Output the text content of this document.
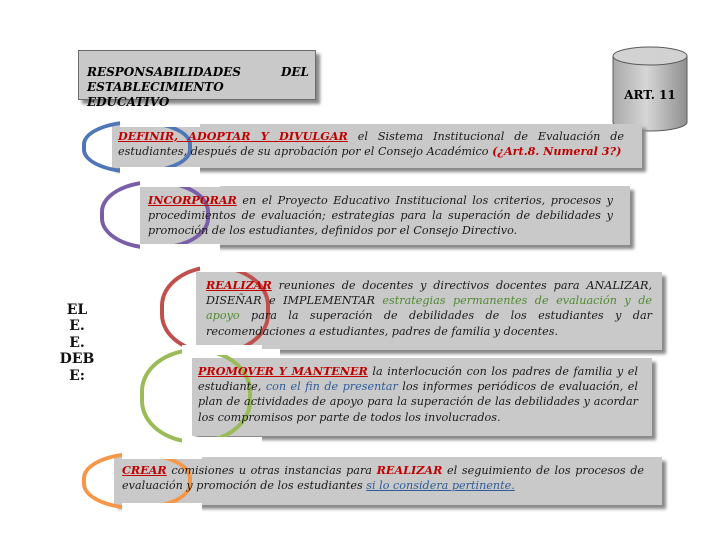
RESPONSABILIDADES DEL ESTABLECIMIENTO EDUCATIVO	ART. 11
EL
E.
E.
DEB
E:
DEFINIR, ADOPTAR Y DIVULGAR el Sistema Institucional de Evaluación de estudiantes, después de su aprobación por el Consejo Académico (¿Art.8. Numeral 3?)
INCORPORAR en el Proyecto Educativo Institucional los criterios, procesos y procedimientos de evaluación; estrategias para la superación de debilidades y promoción de los estudiantes, definidos por el Consejo Directivo.
REALIZAR reuniones de docentes y directivos docentes para ANALIZAR, DISEÑAR e IMPLEMENTAR estrategias permanentes de evaluación y de apoyo para la superación de debilidades de los estudiantes y dar recomendaciones a estudiantes, padres de familia y docentes.
PROMOVER Y MANTENER la interlocución con los padres de familia y el estudiante, con el fin de presentar los informes periódicos de evaluación, el plan de actividades de apoyo para la superación de las debilidades y acordar los compromisos por parte de todos los involucrados.
CREAR comisiones u otras instancias para REALIZAR el seguimiento de los procesos de evaluación y promoción de los estudiantes si lo considera pertinente.
